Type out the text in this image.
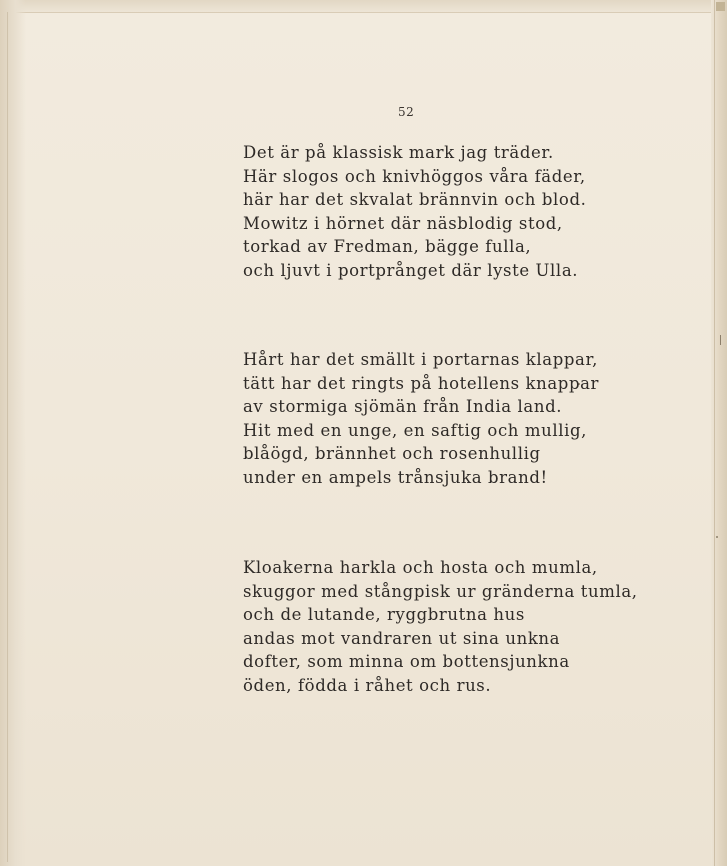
52
Det är på klassisk mark jag träder.
Här slogos och knivhöggos våra fäder,
här har det skvalat brännvin och blod.
Mowitz i hörnet där näsblodig stod,
torkad av Fredman, bägge fulla,
och ljuvt i portprånget där lyste Ulla.
Hårt har det smällt i portarnas klappar,
tätt har det ringts på hotellens knappar
av stormiga sjömän från India land.
Hit med en unge, en saftig och mullig,
blåögd, brännhet och rosenhullig
under en ampels trånsjuka brand!
Kloakerna harkla och hosta och mumla,
skuggor med stångpisk ur gränderna tumla,
och de lutande, ryggbrutna hus
andas mot vandraren ut sina unkna
dofter, som minna om bottensjunkna
öden, födda i råhet och rus.
